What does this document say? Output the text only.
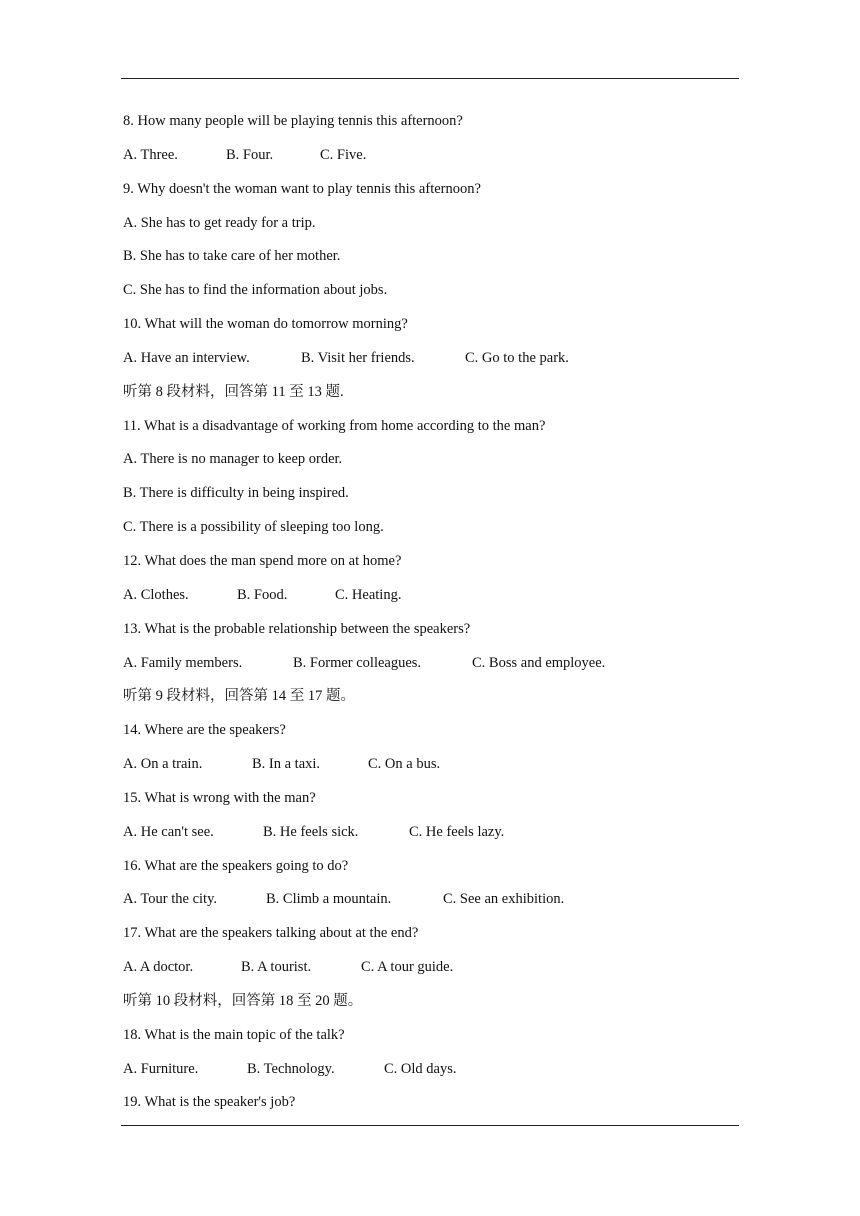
8. How many people will be playing tennis this afternoon?
A. Three.	B. Four.	C. Five.
9. Why doesn't the woman want to play tennis this afternoon?
A. She has to get ready for a trip.
B. She has to take care of her mother.
C. She has to find the information about jobs.
10. What will the woman do tomorrow morning?
A. Have an interview.	B. Visit her friends.	C. Go to the park.
听第 8 段材料，回答第 11 至 13 题.
11. What is a disadvantage of working from home according to the man?
A. There is no manager to keep order.
B. There is difficulty in being inspired.
C. There is a possibility of sleeping too long.
12. What does the man spend more on at home?
A. Clothes.	B. Food.	C. Heating.
13. What is the probable relationship between the speakers?
A. Family members.	B. Former colleagues.	C. Boss and employee.
听第 9 段材料，回答第 14 至 17 题。
14. Where are the speakers?
A. On a train.	B. In a taxi.	C. On a bus.
15. What is wrong with the man?
A. He can't see.	B. He feels sick.	C. He feels lazy.
16. What are the speakers going to do?
A. Tour the city.	B. Climb a mountain.	C. See an exhibition.
17. What are the speakers talking about at the end?
A. A doctor.	B. A tourist.	C. A tour guide.
听第 10 段材料，回答第 18 至 20 题。
18. What is the main topic of the talk?
A. Furniture.	B. Technology.	C. Old days.
19. What is the speaker's job?
